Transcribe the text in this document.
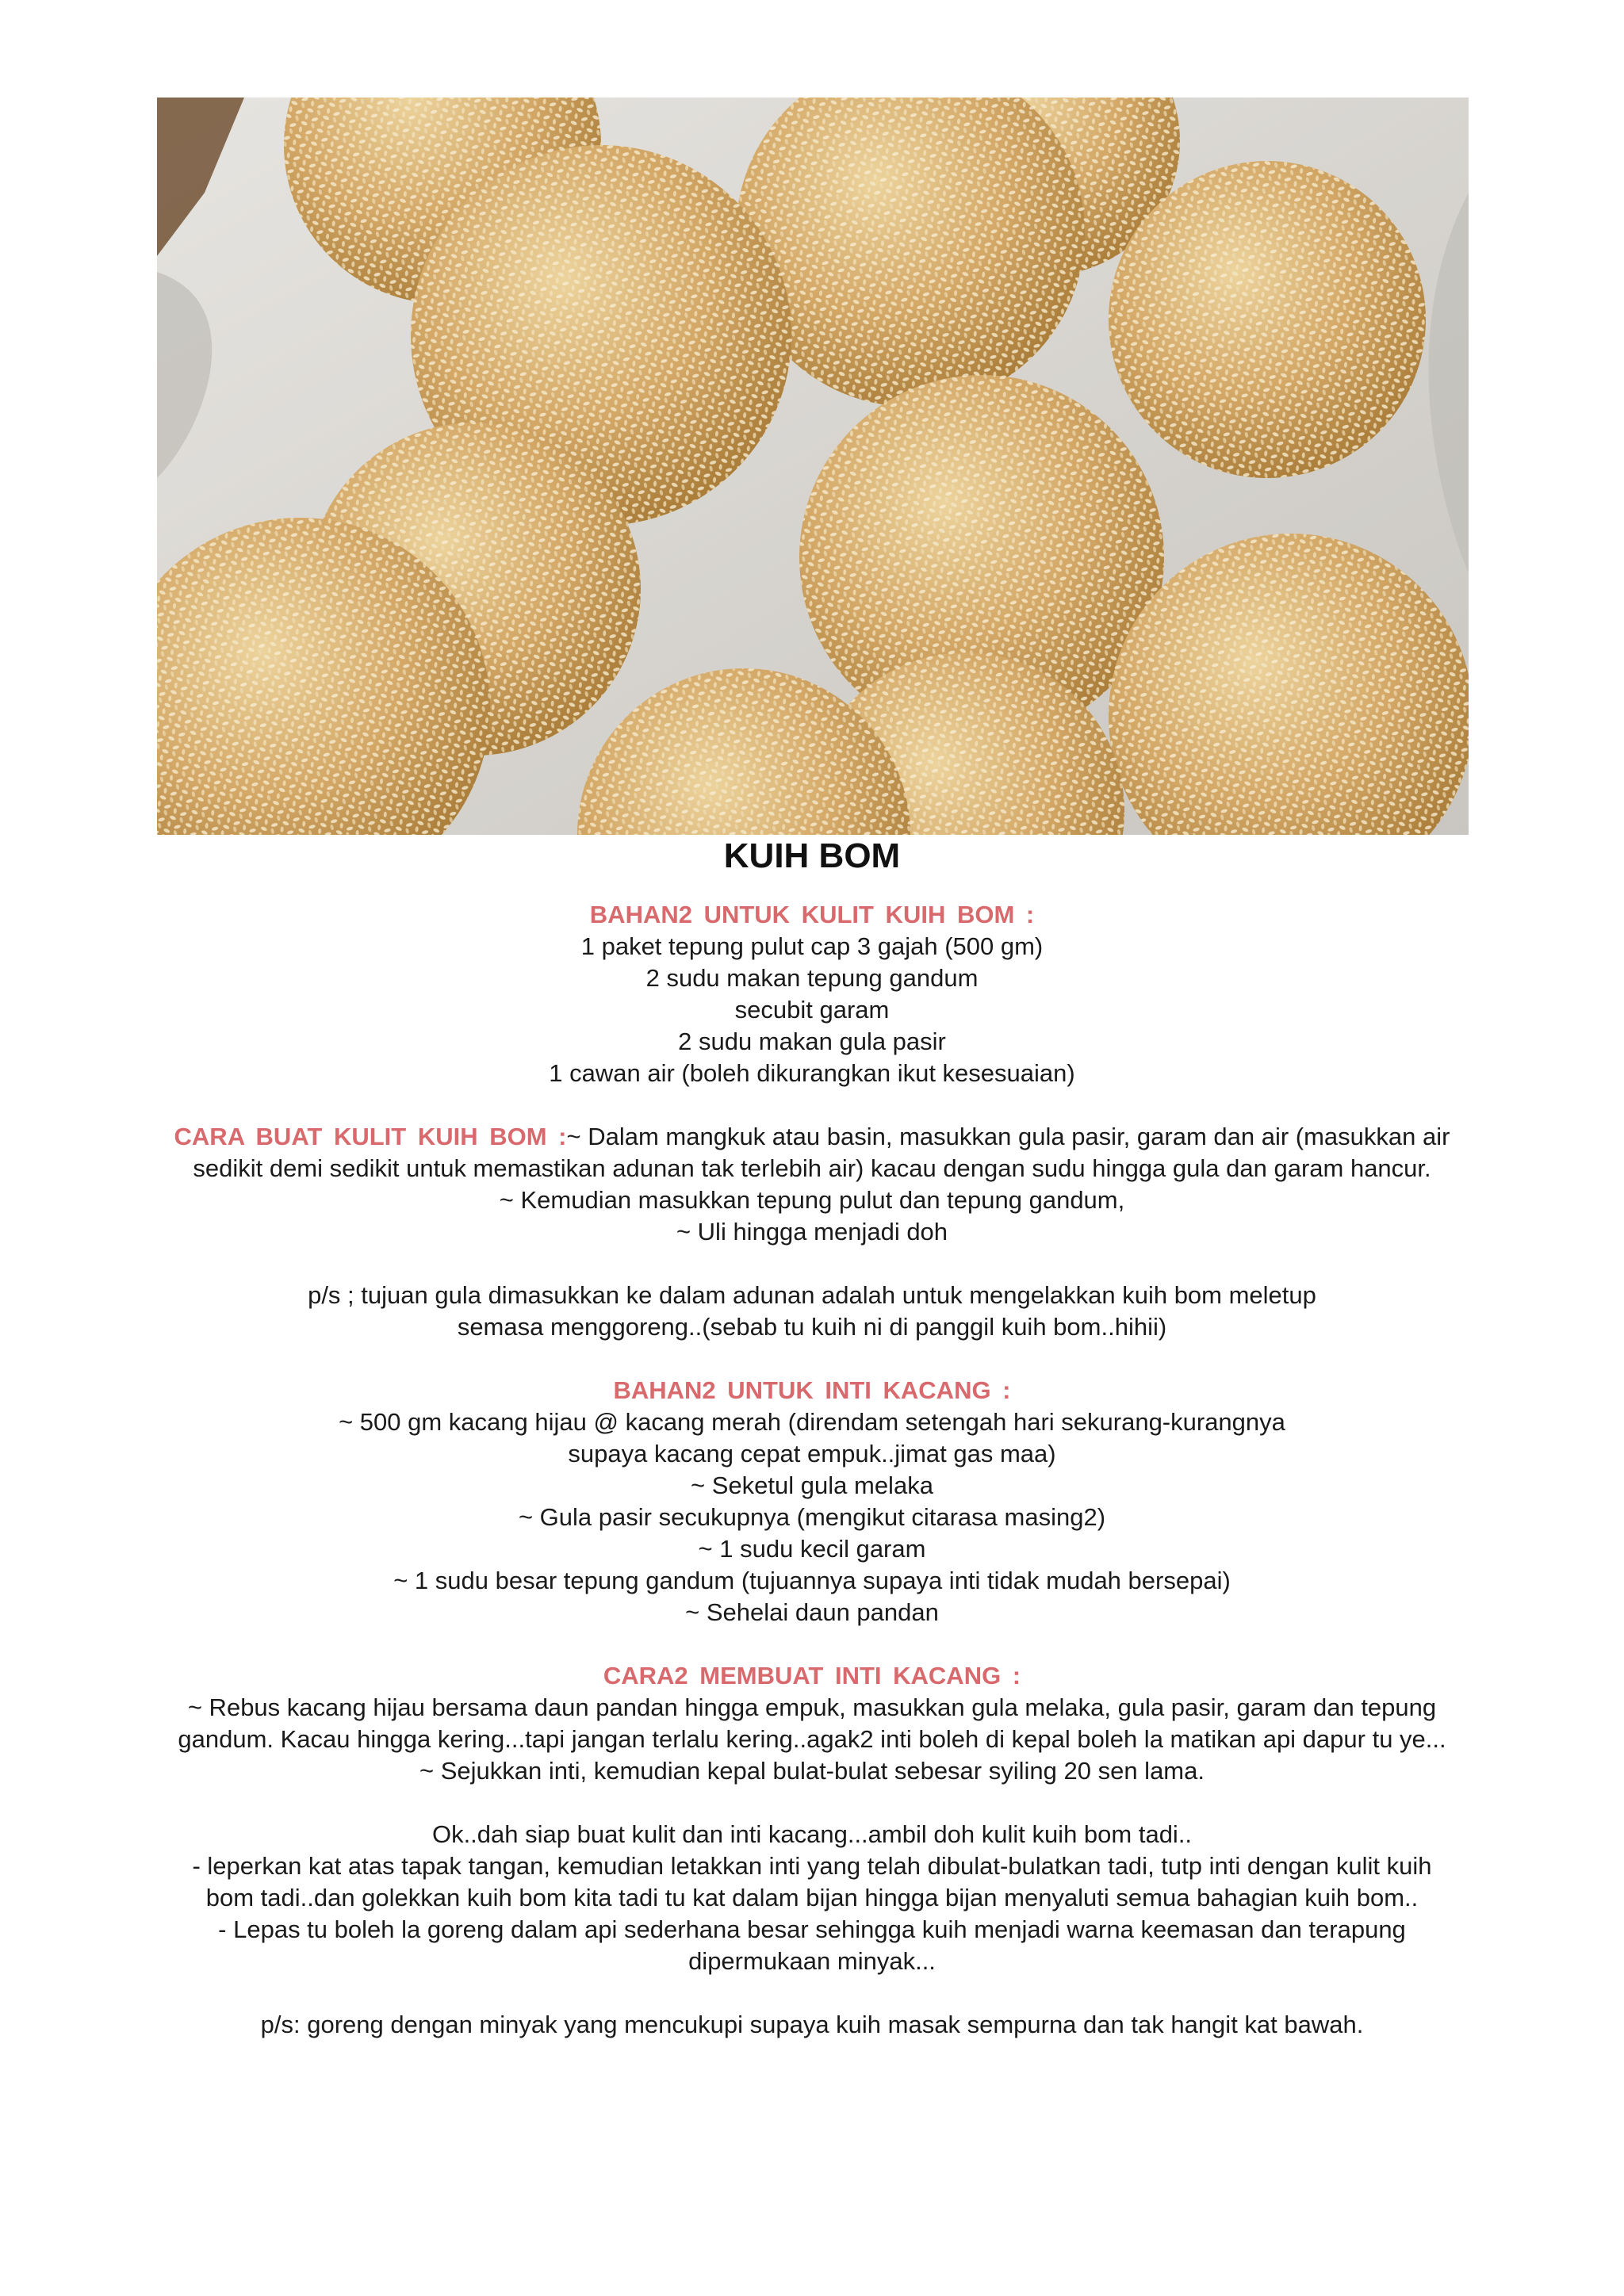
KUIH BOM
BAHAN2 UNTUK KULIT KUIH BOM :
1 paket tepung pulut cap 3 gajah (500 gm)
2 sudu makan tepung gandum
secubit garam
2 sudu makan gula pasir
1 cawan air (boleh dikurangkan ikut kesesuaian)
CARA BUAT KULIT KUIH BOM :~ Dalam mangkuk atau basin, masukkan gula pasir, garam dan air (masukkan air
sedikit demi sedikit untuk memastikan adunan tak terlebih air) kacau dengan sudu hingga gula dan garam hancur.
~ Kemudian masukkan tepung pulut dan tepung gandum,
~ Uli hingga menjadi doh
p/s ; tujuan gula dimasukkan ke dalam adunan adalah untuk mengelakkan kuih bom meletup
semasa menggoreng..(sebab tu kuih ni di panggil kuih bom..hihii)
BAHAN2 UNTUK INTI KACANG :
~ 500 gm kacang hijau @ kacang merah (direndam setengah hari sekurang-kurangnya
supaya kacang cepat empuk..jimat gas maa)
~ Seketul gula melaka
~ Gula pasir secukupnya (mengikut citarasa masing2)
~ 1 sudu kecil garam
~ 1 sudu besar tepung gandum (tujuannya supaya inti tidak mudah bersepai)
~ Sehelai daun pandan
CARA2 MEMBUAT INTI KACANG :
~ Rebus kacang hijau bersama daun pandan hingga empuk, masukkan gula melaka, gula pasir, garam dan tepung
gandum. Kacau hingga kering...tapi jangan terlalu kering..agak2 inti boleh di kepal boleh la matikan api dapur tu ye...
~ Sejukkan inti, kemudian kepal bulat-bulat sebesar syiling 20 sen lama.
Ok..dah siap buat kulit dan inti kacang...ambil doh kulit kuih bom tadi..
- leperkan kat atas tapak tangan, kemudian letakkan inti yang telah dibulat-bulatkan tadi, tutp inti dengan kulit kuih
bom tadi..dan golekkan kuih bom kita tadi tu kat dalam bijan hingga bijan menyaluti semua bahagian kuih bom..
- Lepas tu boleh la goreng dalam api sederhana besar sehingga kuih menjadi warna keemasan dan terapung
dipermukaan minyak...
p/s: goreng dengan minyak yang mencukupi supaya kuih masak sempurna dan tak hangit kat bawah.
